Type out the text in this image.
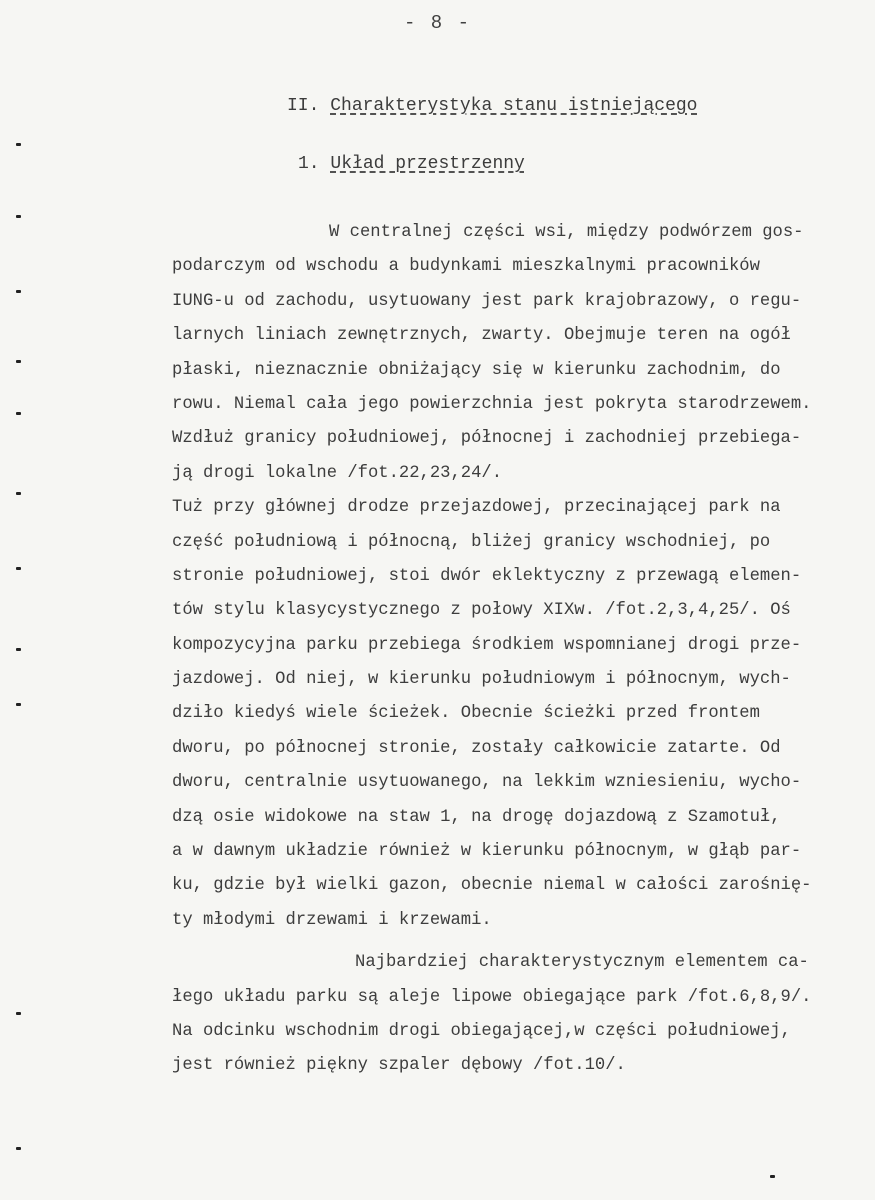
- 8 -
II. Charakterystyka stanu istniejącego
1. Układ przestrzenny
W centralnej części wsi, między podwórzem gos-
podarczym od wschodu a budynkami mieszkalnymi pracowników
IUNG-u od zachodu, usytuowany jest park krajobrazowy, o regu-
larnych liniach zewnętrznych, zwarty. Obejmuje teren na ogół
płaski, nieznacznie obniżający się w kierunku zachodnim, do
rowu. Niemal cała jego powierzchnia jest pokryta starodrzewem.
Wzdłuż granicy południowej, północnej i zachodniej przebiega-
ją drogi lokalne /fot.22,23,24/.
Tuż przy głównej drodze przejazdowej, przecinającej park na
część południową i północną, bliżej granicy wschodniej, po
stronie południowej, stoi dwór eklektyczny z przewagą elemen-
tów stylu klasycystycznego z połowy XIXw. /fot.2,3,4,25/. Oś
kompozycyjna parku przebiega środkiem wspomnianej drogi prze-
jazdowej. Od niej, w kierunku południowym i północnym, wych-
dziło kiedyś wiele ścieżek. Obecnie ścieżki przed frontem
dworu, po północnej stronie, zostały całkowicie zatarte. Od
dworu, centralnie usytuowanego, na lekkim wzniesieniu, wycho-
dzą osie widokowe na staw 1, na drogę dojazdową z Szamotuł,
a w dawnym układzie również w kierunku północnym, w głąb par-
ku, gdzie był wielki gazon, obecnie niemal w całości zarośnię-
ty młodymi drzewami i krzewami.
Najbardziej charakterystycznym elementem ca-
łego układu parku są aleje lipowe obiegające park /fot.6,8,9/.
Na odcinku wschodnim drogi obiegającej,w części południowej,
jest również piękny szpaler dębowy /fot.10/.
